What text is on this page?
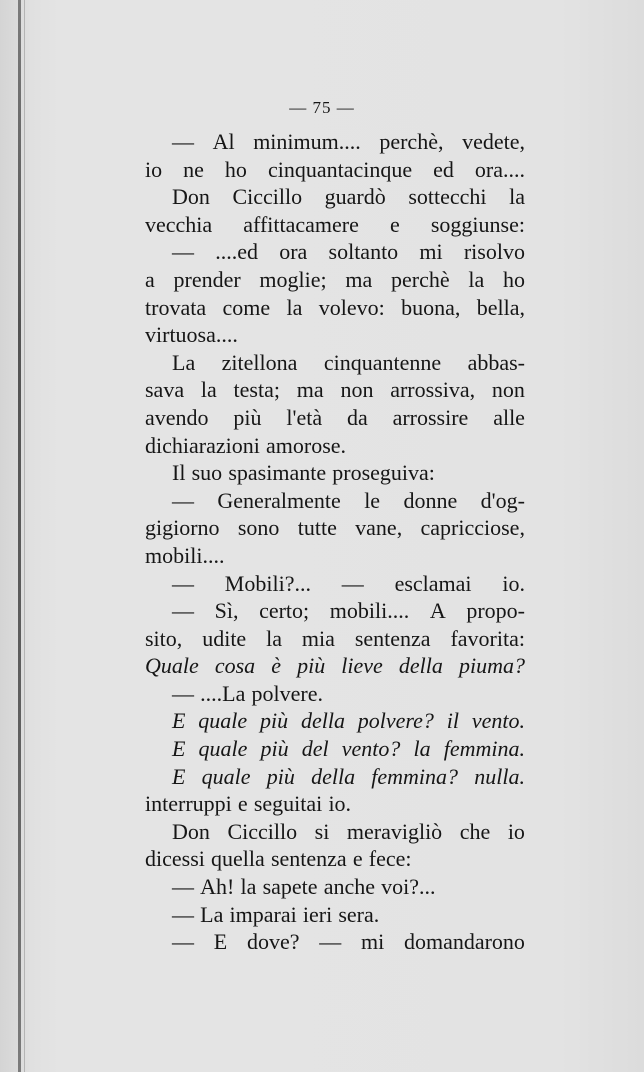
— 75 —
— Al minimum.... perchè, vedete,
io ne ho cinquantacinque ed ora....
Don Ciccillo guardò sottecchi la
vecchia affittacamere e soggiunse:
— ....ed ora soltanto mi risolvo
a prender moglie; ma perchè la ho
trovata come la volevo: buona, bella,
virtuosa....
La zitellona cinquantenne abbas-
sava la testa; ma non arrossiva, non
avendo più l'età da arrossire alle
dichiarazioni amorose.
Il suo spasimante proseguiva:
— Generalmente le donne d'og-
gigiorno sono tutte vane, capricciose,
mobili....
— Mobili?... — esclamai io.
— Sì, certo; mobili.... A propo-
sito, udite la mia sentenza favorita:
Quale cosa è più lieve della piuma?
— ....La polvere.
E quale più della polvere? il vento.
E quale più del vento? la femmina.
E quale più della femmina? nulla.
interruppi e seguitai io.
Don Ciccillo si meravigliò che io
dicessi quella sentenza e fece:
— Ah! la sapete anche voi?...
— La imparai ieri sera.
— E dove? — mi domandarono
